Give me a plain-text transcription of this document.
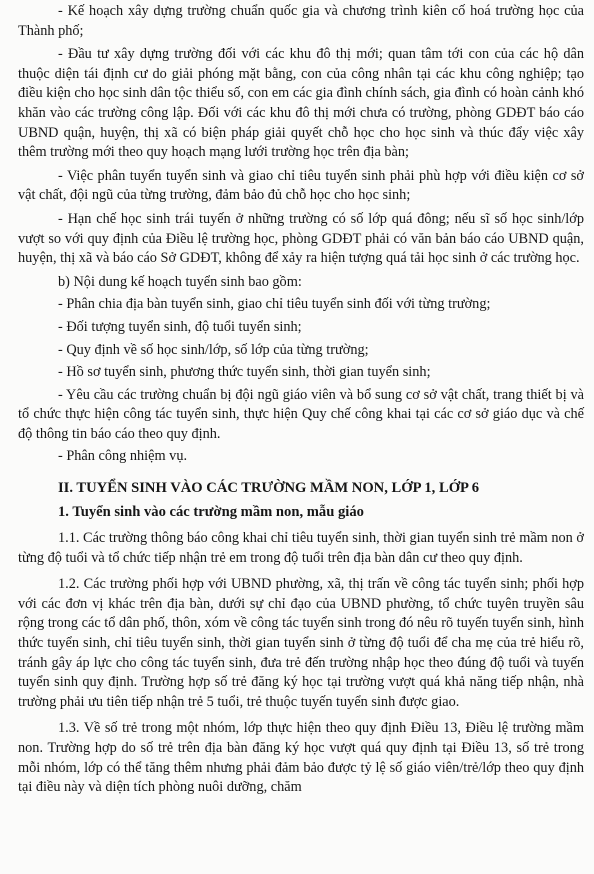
- Kế hoạch xây dựng trường chuẩn quốc gia và chương trình kiên cố hoá trường học của Thành phố;

- Đầu tư xây dựng trường đối với các khu đô thị mới; quan tâm tới con của các hộ dân thuộc diện tái định cư do giải phóng mặt bằng, con của công nhân tại các khu công nghiệp; tạo điều kiện cho học sinh dân tộc thiểu số, con em các gia đình chính sách, gia đình có hoàn cảnh khó khăn vào các trường công lập. Đối với các khu đô thị mới chưa có trường, phòng GDĐT báo cáo UBND quận, huyện, thị xã có biện pháp giải quyết chỗ học cho học sinh và thúc đẩy việc xây thêm trường mới theo quy hoạch mạng lưới trường học trên địa bàn;

- Việc phân tuyển tuyển sinh và giao chỉ tiêu tuyển sinh phải phù hợp với điều kiện cơ sở vật chất, đội ngũ của từng trường, đảm bảo đủ chỗ học cho học sinh;

- Hạn chế học sinh trái tuyến ở những trường có số lớp quá đông; nếu sĩ số học sinh/lớp vượt so với quy định của Điều lệ trường học, phòng GDĐT phải có văn bản báo cáo UBND quận, huyện, thị xã và báo cáo Sở GDĐT, không để xảy ra hiện tượng quá tải học sinh ở các trường học.

b) Nội dung kế hoạch tuyển sinh bao gồm:

- Phân chia địa bàn tuyển sinh, giao chỉ tiêu tuyển sinh đối với từng trường;

- Đối tượng tuyển sinh, độ tuổi tuyển sinh;

- Quy định về số học sinh/lớp, số lớp của từng trường;

- Hồ sơ tuyển sinh, phương thức tuyển sinh, thời gian tuyển sinh;

- Yêu cầu các trường chuẩn bị đội ngũ giáo viên và bổ sung cơ sở vật chất, trang thiết bị và tổ chức thực hiện công tác tuyển sinh, thực hiện Quy chế công khai tại các cơ sở giáo dục và chế độ thông tin báo cáo theo quy định.

- Phân công nhiệm vụ.

II. TUYỂN SINH VÀO CÁC TRƯỜNG MẦM NON, LỚP 1, LỚP 6
1. Tuyển sinh vào các trường mầm non, mẫu giáo

1.1. Các trường thông báo công khai chỉ tiêu tuyển sinh, thời gian tuyển sinh trẻ mầm non ở từng độ tuổi và tổ chức tiếp nhận trẻ em trong độ tuổi trên địa bàn dân cư theo quy định.

1.2. Các trường phối hợp với UBND phường, xã, thị trấn về công tác tuyển sinh; phối hợp với các đơn vị khác trên địa bàn, dưới sự chỉ đạo của UBND phường, tổ chức tuyên truyền sâu rộng trong các tổ dân phố, thôn, xóm về công tác tuyển sinh trong đó nêu rõ tuyến tuyển sinh, hình thức tuyển sinh, chỉ tiêu tuyển sinh, thời gian tuyển sinh ở từng độ tuổi để cha mẹ của trẻ hiểu rõ, tránh gây áp lực cho công tác tuyển sinh, đưa trẻ đến trường nhập học theo đúng độ tuổi và tuyến tuyển sinh quy định. Trường hợp số trẻ đăng ký học tại trường vượt quá khả năng tiếp nhận, nhà trường phải ưu tiên tiếp nhận trẻ 5 tuổi, trẻ thuộc tuyến tuyển sinh được giao.

1.3. Về số trẻ trong một nhóm, lớp thực hiện theo quy định Điều 13, Điều lệ trường mầm non. Trường hợp do số trẻ trên địa bàn đăng ký học vượt quá quy định tại Điều 13, số trẻ trong mỗi nhóm, lớp có thể tăng thêm nhưng phải đảm bảo được tỷ lệ số giáo viên/trẻ/lớp theo quy định tại điều này và diện tích phòng nuôi dưỡng, chăm
